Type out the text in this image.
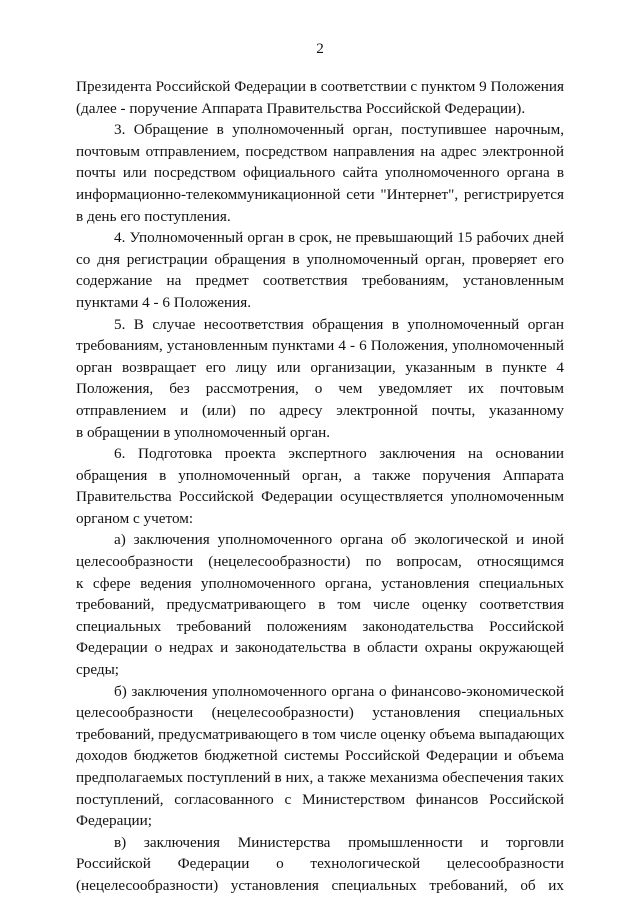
2
Президента Российской Федерации в соответствии с пунктом 9 Положения
(далее - поручение Аппарата Правительства Российской Федерации).
3. Обращение в уполномоченный орган, поступившее нарочным,
почтовым отправлением, посредством направления на адрес электронной
почты или посредством официального сайта уполномоченного органа в
информационно-телекоммуникационной сети "Интернет", регистрируется
в день его поступления.
4. Уполномоченный орган в срок, не превышающий 15 рабочих дней
со дня регистрации обращения в уполномоченный орган, проверяет его
содержание на предмет соответствия требованиям, установленным
пунктами 4 - 6 Положения.
5. В случае несоответствия обращения в уполномоченный орган
требованиям, установленным пунктами 4 - 6 Положения, уполномоченный
орган возвращает его лицу или организации, указанным в пункте 4
Положения, без рассмотрения, о чем уведомляет их почтовым
отправлением и (или) по адресу электронной почты, указанному
в обращении в уполномоченный орган.
6. Подготовка проекта экспертного заключения на основании
обращения в уполномоченный орган, а также поручения Аппарата
Правительства Российской Федерации осуществляется уполномоченным
органом с учетом:
а) заключения уполномоченного органа об экологической и иной
целесообразности (нецелесообразности) по вопросам, относящимся
к сфере ведения уполномоченного органа, установления специальных
требований, предусматривающего в том числе оценку соответствия
специальных требований положениям законодательства Российской
Федерации о недрах и законодательства в области охраны окружающей
среды;
б) заключения уполномоченного органа о финансово-экономической
целесообразности (нецелесообразности) установления специальных
требований, предусматривающего в том числе оценку объема выпадающих
доходов бюджетов бюджетной системы Российской Федерации и объема
предполагаемых поступлений в них, а также механизма обеспечения таких
поступлений, согласованного с Министерством финансов Российской
Федерации;
в) заключения Министерства промышленности и торговли
Российской Федерации о технологической целесообразности
(нецелесообразности) установления специальных требований, об их
